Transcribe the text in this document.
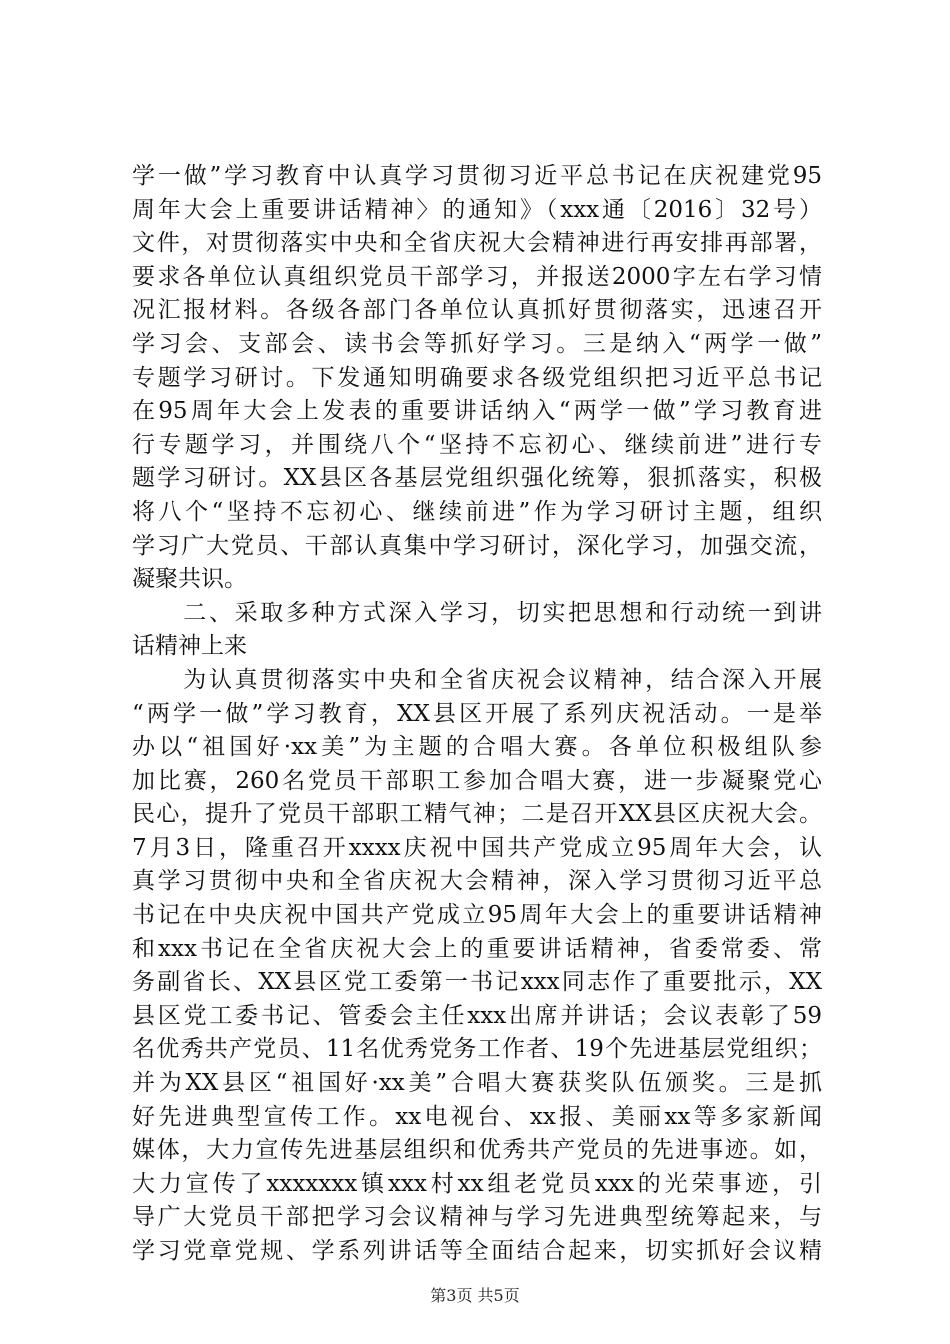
学一做”学习教育中认真学习贯彻习近平总书记在庆祝建党95
周年大会上重要讲话精神〉的通知》（xxx通〔2016〕32号）
文件，对贯彻落实中央和全省庆祝大会精神进行再安排再部署，
要求各单位认真组织党员干部学习，并报送2000字左右学习情
况汇报材料。各级各部门各单位认真抓好贯彻落实，迅速召开
学习会、支部会、读书会等抓好学习。三是纳入“两学一做”
专题学习研讨。下发通知明确要求各级党组织把习近平总书记
在95周年大会上发表的重要讲话纳入“两学一做”学习教育进
行专题学习，并围绕八个“坚持不忘初心、继续前进”进行专
题学习研讨。XX县区各基层党组织强化统筹，狠抓落实，积极
将八个“坚持不忘初心、继续前进”作为学习研讨主题，组织
学习广大党员、干部认真集中学习研讨，深化学习，加强交流，
凝聚共识。
　　二、采取多种方式深入学习，切实把思想和行动统一到讲
话精神上来
　　为认真贯彻落实中央和全省庆祝会议精神，结合深入开展
“两学一做”学习教育，XX县区开展了系列庆祝活动。一是举
办以“祖国好·xx美”为主题的合唱大赛。各单位积极组队参
加比赛，260名党员干部职工参加合唱大赛，进一步凝聚党心
民心，提升了党员干部职工精气神；二是召开XX县区庆祝大会。
7月3日，隆重召开xxxx庆祝中国共产党成立95周年大会，认
真学习贯彻中央和全省庆祝大会精神，深入学习贯彻习近平总
书记在中央庆祝中国共产党成立95周年大会上的重要讲话精神
和xxx书记在全省庆祝大会上的重要讲话精神，省委常委、常
务副省长、XX县区党工委第一书记xxx同志作了重要批示，XX
县区党工委书记、管委会主任xxx出席并讲话；会议表彰了59
名优秀共产党员、11名优秀党务工作者、19个先进基层党组织；
并为XX县区“祖国好·xx美”合唱大赛获奖队伍颁奖。三是抓
好先进典型宣传工作。xx电视台、xx报、美丽xx等多家新闻
媒体，大力宣传先进基层组织和优秀共产党员的先进事迹。如，
大力宣传了xxxxxxx镇xxx村xx组老党员xxx的光荣事迹，引
导广大党员干部把学习会议精神与学习先进典型统筹起来，与
学习党章党规、学系列讲话等全面结合起来，切实抓好会议精
第3页 共5页
